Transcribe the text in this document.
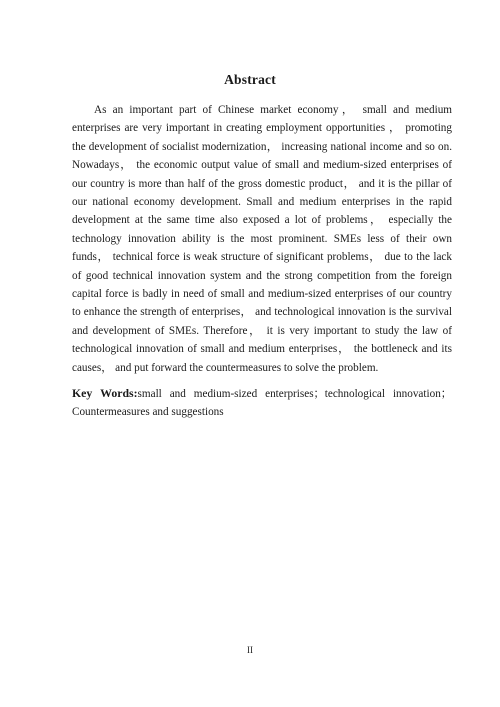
Abstract

As an important part of Chinese market economy， small and medium enterprises are very important in creating employment opportunities ， promoting the development of socialist modernization， increasing national income and so on. Nowadays， the economic output value of small and medium-sized enterprises of our country is more than half of the gross domestic product， and it is the pillar of our national economy development. Small and medium enterprises in the rapid development at the same time also exposed a lot of problems， especially the technology innovation ability is the most prominent. SMEs less of their own funds， technical force is weak structure of significant problems， due to the lack of good technical innovation system and the strong competition from the foreign capital force is badly in need of small and medium-sized enterprises of our country to enhance the strength of enterprises， and technological innovation is the survival and development of SMEs. Therefore， it is very important to study the law of technological innovation of small and medium enterprises， the bottleneck and its causes， and put forward the countermeasures to solve the problem.

Key Words:small and medium-sized enterprises；technological innovation；Countermeasures and suggestions

II
